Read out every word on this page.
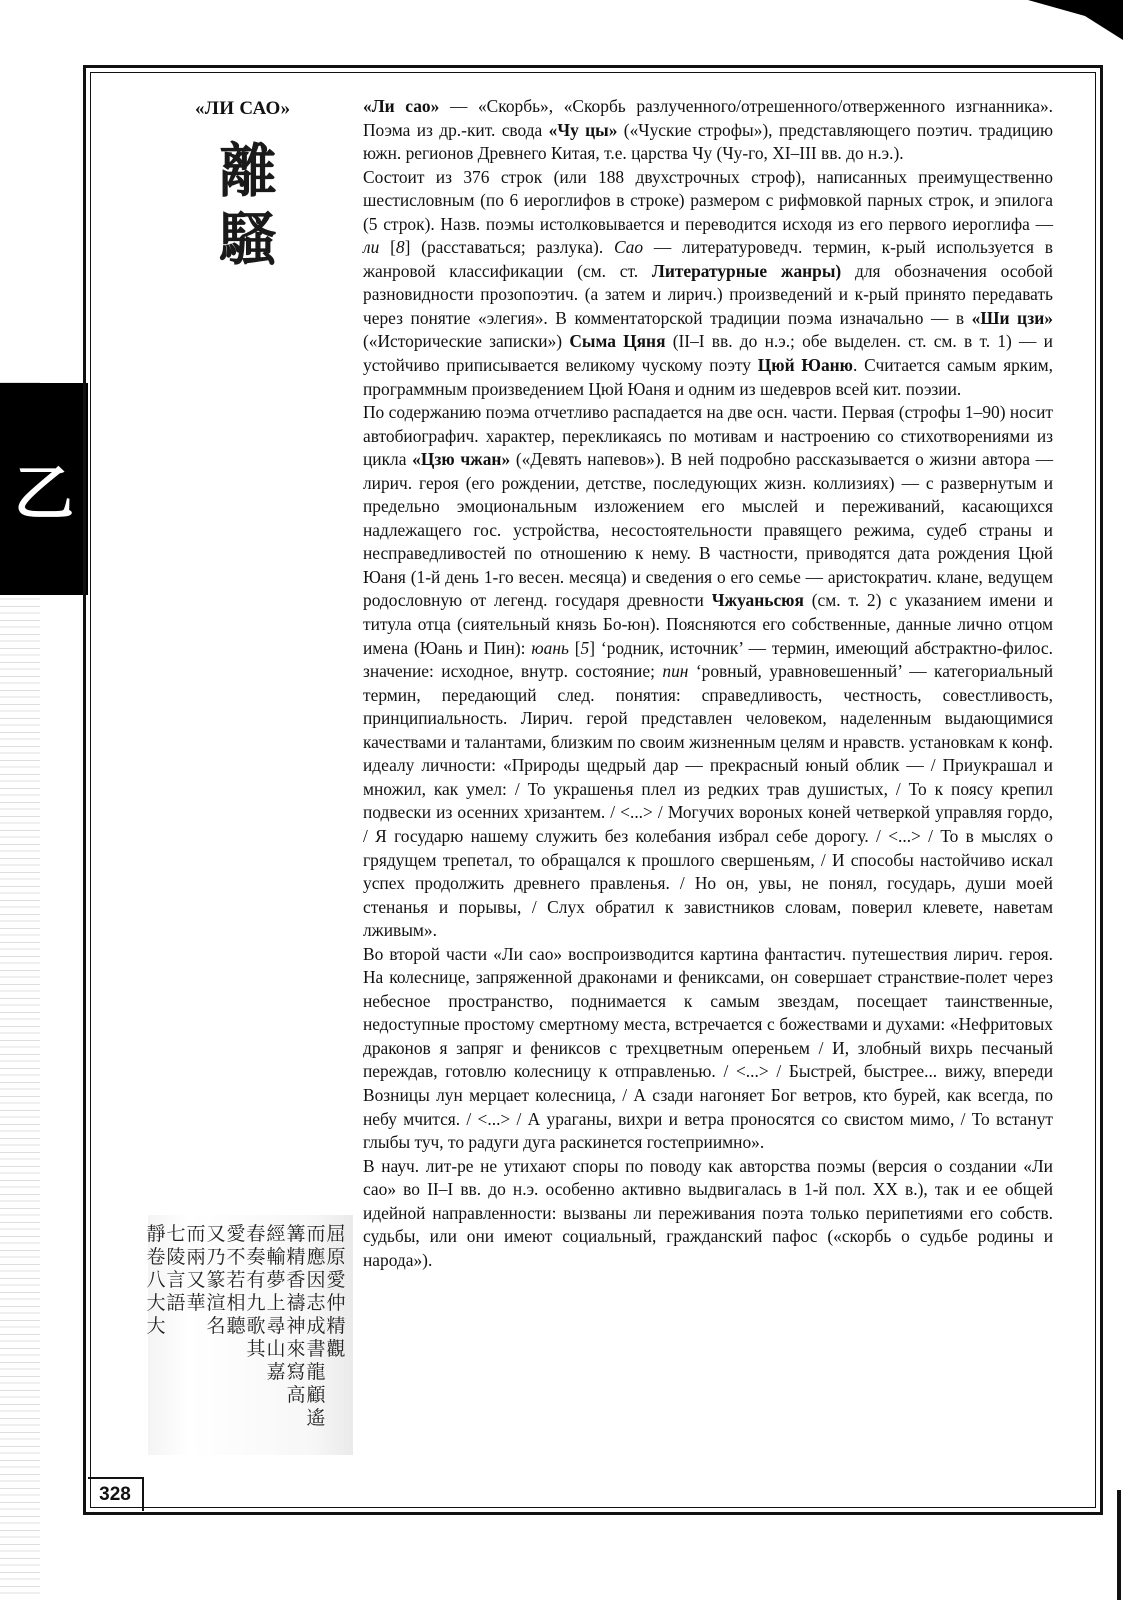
乙
«ЛИ САО»
離
騷
屈原愛仲精觀
而應因志成書龍顧遙
篝精香禱神來寫高
經輸夢上尋山嘉
春奏有九歌其
愛不若相聽
又乃篆渲名
而兩又華
七陵言語
靜卷八大大
328

«Ли сао» — «Скорбь», «Скорбь разлученного/отрешенного/отверженного изгнанника». Поэма из др.-кит. свода «Чу цы» («Чуские строфы»), представляющего поэтич. традицию южн. регионов Древнего Китая, т.е. царства Чу (Чу-го, XI–III вв. до н.э.).

Состоит из 376 строк (или 188 двухстрочных строф), написанных преимущественно шестисловным (по 6 иероглифов в строке) размером с рифмовкой парных строк, и эпилога (5 строк). Назв. поэмы истолковывается и переводится исходя из его первого иероглифа — ли [8] (расставаться; разлука). Сао — литературоведч. термин, к-рый используется в жанровой классификации (см. ст. Литературные жанры) для обозначения особой разновидности прозопоэтич. (а затем и лирич.) произведений и к-рый принято передавать через понятие «элегия». В комментаторской традиции поэма изначально — в «Ши цзи» («Исторические записки») Сыма Цяня (II–I вв. до н.э.; обе выделен. ст. см. в т. 1) — и устойчиво приписывается великому чускому поэту Цюй Юаню. Считается самым ярким, программным произведением Цюй Юаня и одним из шедевров всей кит. поэзии.

По содержанию поэма отчетливо распадается на две осн. части. Первая (строфы 1–90) носит автобиографич. характер, перекликаясь по мотивам и настроению со стихотворениями из цикла «Цзю чжан» («Девять напевов»). В ней подробно рассказывается о жизни автора — лирич. героя (его рождении, детстве, последующих жизн. коллизиях) — с развернутым и предельно эмоциональным изложением его мыслей и переживаний, касающихся надлежащего гос. устройства, несостоятельности правящего режима, судеб страны и несправедливостей по отношению к нему. В частности, приводятся дата рождения Цюй Юаня (1-й день 1-го весен. месяца) и сведения о его семье — аристократич. клане, ведущем родословную от легенд. государя древности Чжуаньсюя (см. т. 2) с указанием имени и титула отца (сиятельный князь Бо-юн). Поясняются его собственные, данные лично отцом имена (Юань и Пин): юань [5] ‘родник, источник’ — термин, имеющий абстрактно-филос. значение: исходное, внутр. состояние; пин ‘ровный, уравновешенный’ — категориальный термин, передающий след. понятия: справедливость, честность, совестливость, принципиальность. Лирич. герой представлен человеком, наделенным выдающимися качествами и талантами, близким по своим жизненным целям и нравств. установкам к конф. идеалу личности: «Природы щедрый дар — прекрасный юный облик — / Приукрашал и множил, как умел: / То украшенья плел из редких трав душистых, / То к поясу крепил подвески из осенних хризантем. / <...> / Могучих вороных коней четверкой управляя гордо, / Я государю нашему служить без колебания избрал себе дорогу. / <...> / То в мыслях о грядущем трепетал, то обращался к прошлого свершеньям, / И способы настойчиво искал успех продолжить древнего правленья. / Но он, увы, не понял, государь, души моей стенанья и порывы, / Слух обратил к завистников словам, поверил клевете, наветам лживым».

Во второй части «Ли сао» воспроизводится картина фантастич. путешествия лирич. героя. На колеснице, запряженной драконами и фениксами, он совершает странствие-полет через небесное пространство, поднимается к самым звездам, посещает таинственные, недоступные простому смертному места, встречается с божествами и духами: «Нефритовых драконов я запряг и фениксов с трехцветным опереньем / И, злобный вихрь песчаный переждав, готовлю колесницу к отправленью. / <...> / Быстрей, быстрее... вижу, впереди Возницы лун мерцает колесница, / А сзади нагоняет Бог ветров, кто бурей, как всегда, по небу мчится. / <...> / А ураганы, вихри и ветра проносятся со свистом мимо, / То встанут глыбы туч, то радуги дуга раскинется гостеприимно».

В науч. лит-ре не утихают споры по поводу как авторства поэмы (версия о создании «Ли сао» во II–I вв. до н.э. особенно активно выдвигалась в 1-й пол. XX в.), так и ее общей идейной направленности: вызваны ли переживания поэта только перипетиями его собств. судьбы, или они имеют социальный, гражданский пафос («скорбь о судьбе родины и народа»).
